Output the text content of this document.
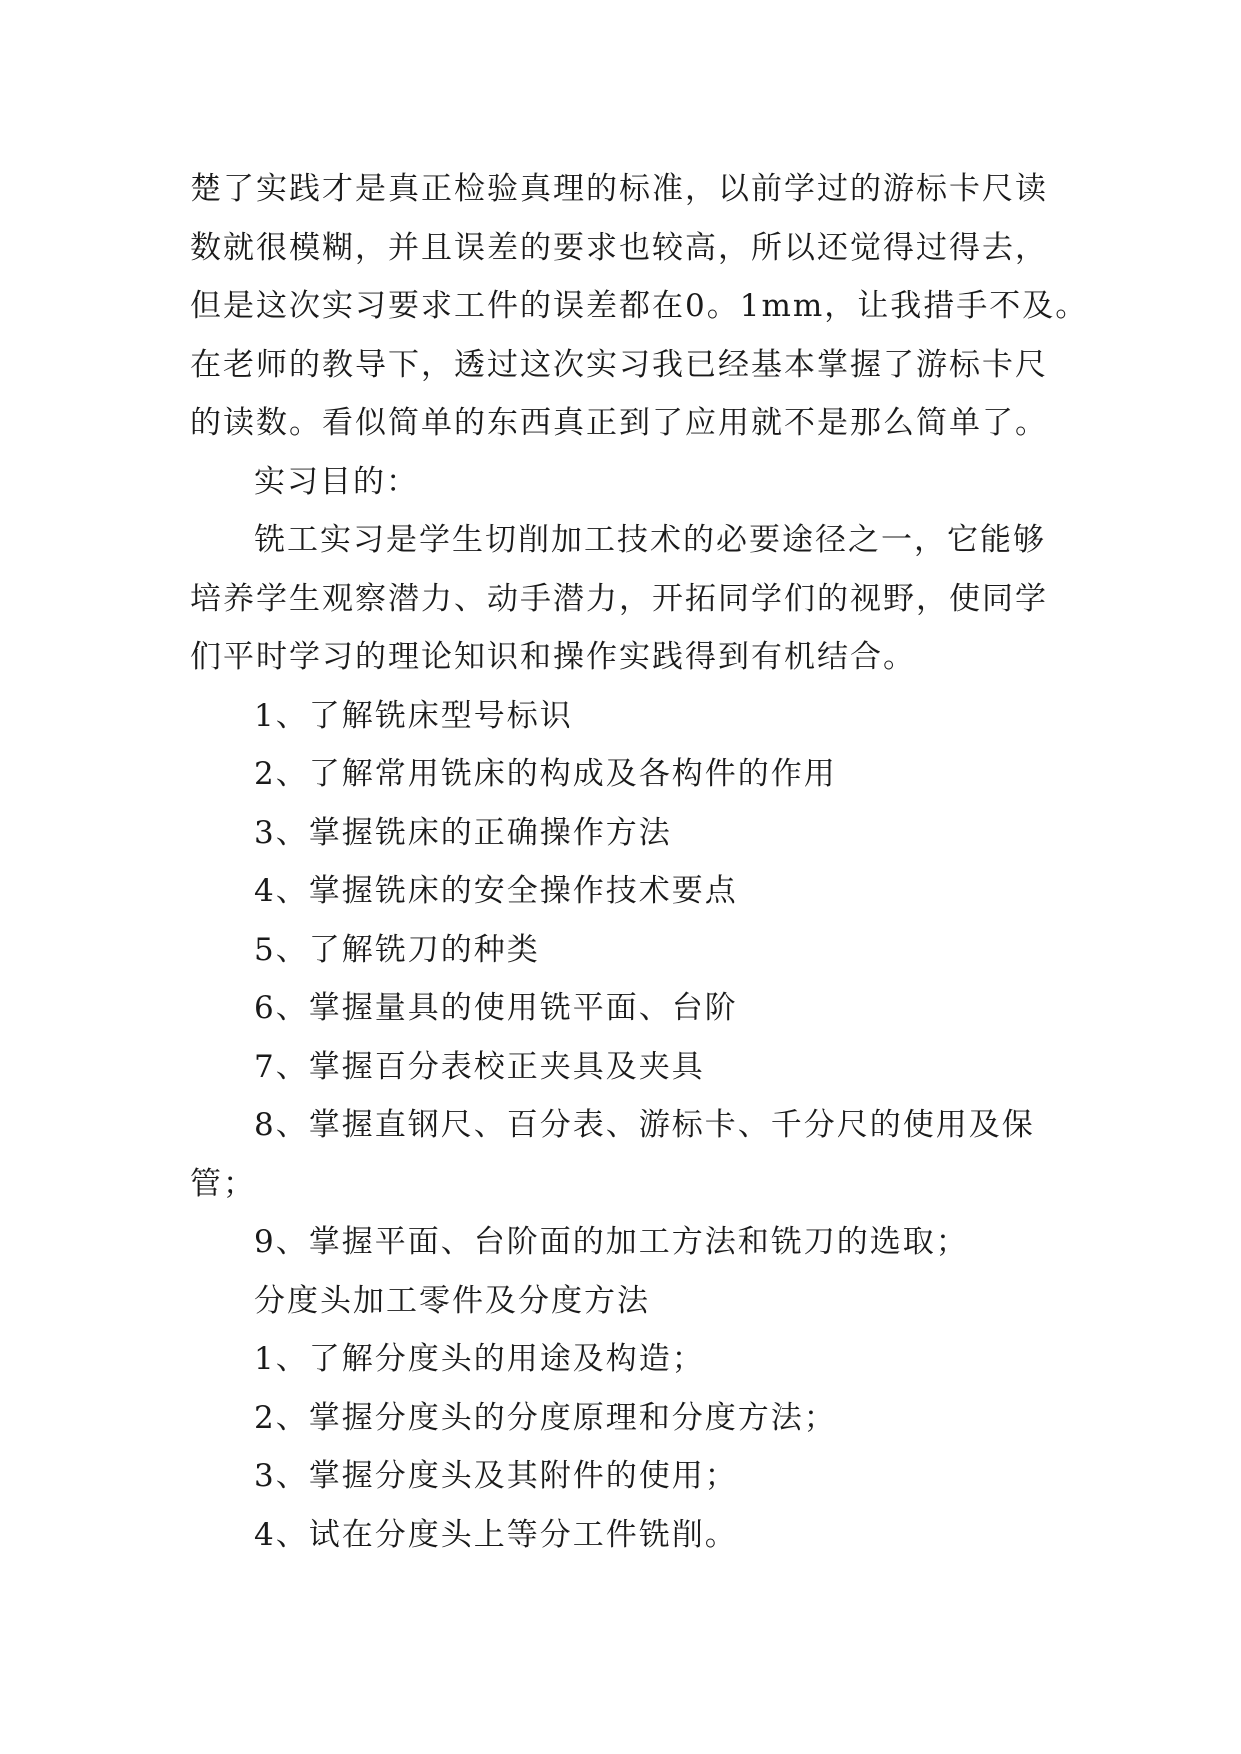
楚了实践才是真正检验真理的标准，以前学过的游标卡尺读
数就很模糊，并且误差的要求也较高，所以还觉得过得去，
但是这次实习要求工件的误差都在0。1mm，让我措手不及。
在老师的教导下，透过这次实习我已经基本掌握了游标卡尺
的读数。看似简单的东西真正到了应用就不是那么简单了。
实习目的：
铣工实习是学生切削加工技术的必要途径之一，它能够
培养学生观察潜力、动手潜力，开拓同学们的视野，使同学
们平时学习的理论知识和操作实践得到有机结合。
1、了解铣床型号标识
2、了解常用铣床的构成及各构件的作用
3、掌握铣床的正确操作方法
4、掌握铣床的安全操作技术要点
5、了解铣刀的种类
6、掌握量具的使用铣平面、台阶
7、掌握百分表校正夹具及夹具
8、掌握直钢尺、百分表、游标卡、千分尺的使用及保
管；
9、掌握平面、台阶面的加工方法和铣刀的选取；
分度头加工零件及分度方法
1、了解分度头的用途及构造；
2、掌握分度头的分度原理和分度方法；
3、掌握分度头及其附件的使用；
4、试在分度头上等分工件铣削。
